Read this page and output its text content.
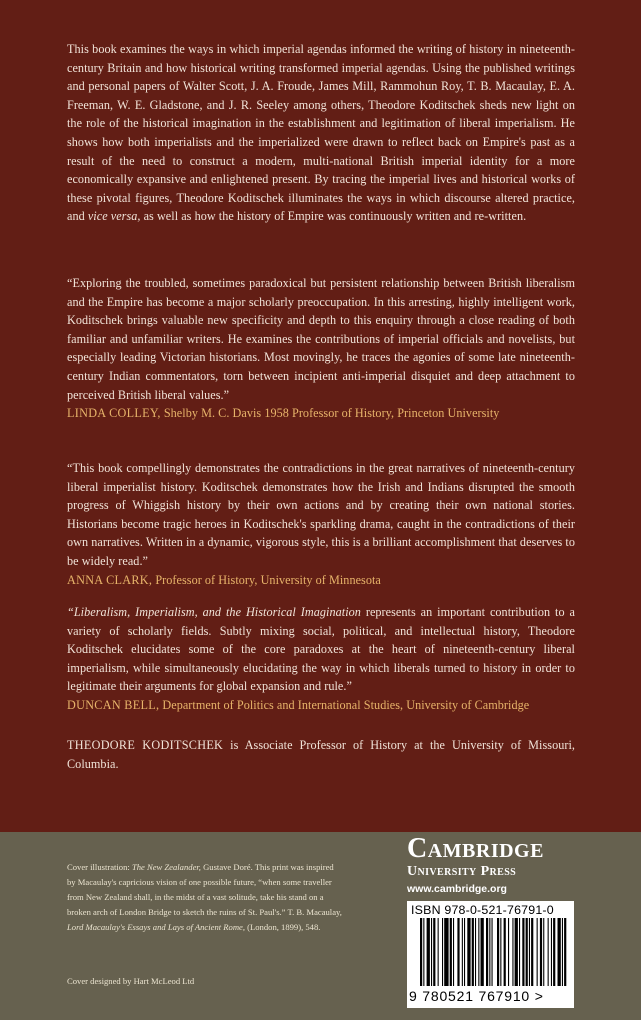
This book examines the ways in which imperial agendas informed the writing of history in nineteenth-century Britain and how historical writing transformed imperial agendas. Using the published writings and personal papers of Walter Scott, J. A. Froude, James Mill, Rammohun Roy, T. B. Macaulay, E. A. Freeman, W. E. Gladstone, and J. R. Seeley among others, Theodore Koditschek sheds new light on the role of the historical imagination in the establishment and legitimation of liberal imperialism. He shows how both imperialists and the imperialized were drawn to reflect back on Empire's past as a result of the need to construct a modern, multi-national British imperial identity for a more economically expansive and enlightened present. By tracing the imperial lives and historical works of these pivotal figures, Theodore Koditschek illuminates the ways in which discourse altered practice, and vice versa, as well as how the history of Empire was continuously written and re-written.

“Exploring the troubled, sometimes paradoxical but persistent relationship between British liberalism and the Empire has become a major scholarly preoccupation. In this arresting, highly intelligent work, Koditschek brings valuable new specificity and depth to this enquiry through a close reading of both familiar and unfamiliar writers. He examines the contributions of imperial officials and novelists, but especially leading Victorian historians. Most movingly, he traces the agonies of some late nineteenth-century Indian commentators, torn between incipient anti-imperial disquiet and deep attachment to perceived British liberal values.”

LINDA COLLEY, Shelby M. C. Davis 1958 Professor of History, Princeton University

“This book compellingly demonstrates the contradictions in the great narratives of nineteenth-century liberal imperialist history. Koditschek demonstrates how the Irish and Indians disrupted the smooth progress of Whiggish history by their own actions and by creating their own national stories. Historians become tragic heroes in Koditschek's sparkling drama, caught in the contradictions of their own narratives. Written in a dynamic, vigorous style, this is a brilliant accomplishment that deserves to be widely read.”

ANNA CLARK, Professor of History, University of Minnesota

“Liberalism, Imperialism, and the Historical Imagination represents an important contribution to a variety of scholarly fields. Subtly mixing social, political, and intellectual history, Theodore Koditschek elucidates some of the core paradoxes at the heart of nineteenth-century liberal imperialism, while simultaneously elucidating the way in which liberals turned to history in order to legitimate their arguments for global expansion and rule.”

DUNCAN BELL, Department of Politics and International Studies, University of Cambridge

THEODORE KODITSCHEK is Associate Professor of History at the University of Missouri, Columbia.

Cover illustration: The New Zealander, Gustave Doré. This print was inspired by Macaulay's capricious vision of one possible future, “when some traveller from New Zealand shall, in the midst of a vast solitude, take his stand on a broken arch of London Bridge to sketch the ruins of St. Paul's.” T. B. Macaulay, Lord Macaulay's Essays and Lays of Ancient Rome, (London, 1899), 548.

Cover designed by Hart McLeod Ltd

Cambridge
University Press
www.cambridge.org
ISBN 978-0-521-76791-0
9 780521 767910 >
